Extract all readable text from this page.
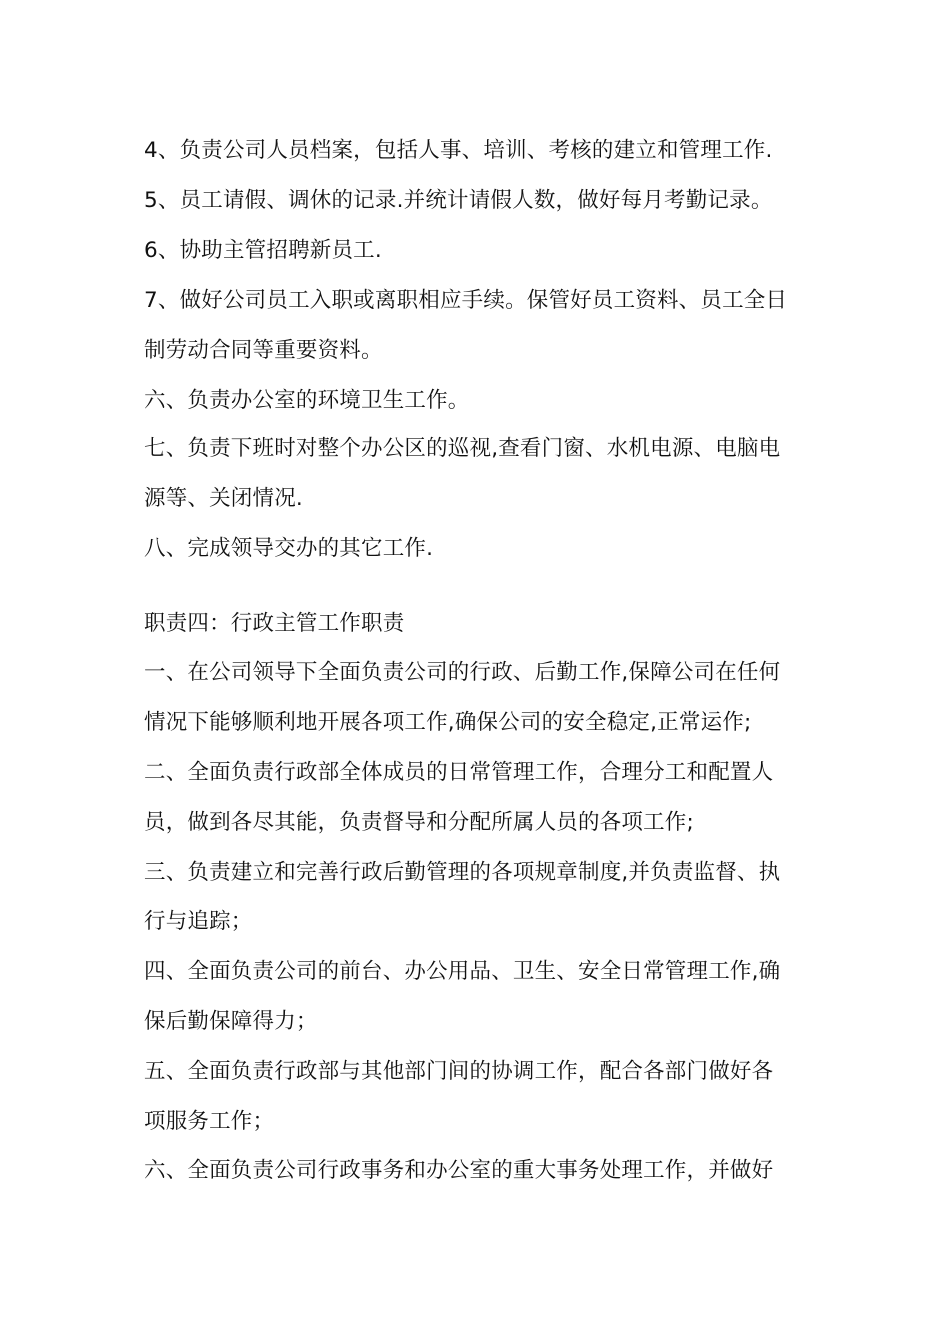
4、负责公司人员档案，包括人事、培训、考核的建立和管理工作.
5、员工请假、调休的记录.并统计请假人数，做好每月考勤记录。
6、协助主管招聘新员工.
7、做好公司员工入职或离职相应手续。保管好员工资料、员工全日
制劳动合同等重要资料。
六、负责办公室的环境卫生工作。
七、负责下班时对整个办公区的巡视,查看门窗、水机电源、电脑电
源等、关闭情况.
八、完成领导交办的其它工作.
职责四：行政主管工作职责
一、在公司领导下全面负责公司的行政、后勤工作,保障公司在任何
情况下能够顺利地开展各项工作,确保公司的安全稳定,正常运作;
二、全面负责行政部全体成员的日常管理工作，合理分工和配置人
员，做到各尽其能，负责督导和分配所属人员的各项工作;
三、负责建立和完善行政后勤管理的各项规章制度,并负责监督、执
行与追踪；
四、全面负责公司的前台、办公用品、卫生、安全日常管理工作,确
保后勤保障得力；
五、全面负责行政部与其他部门间的协调工作，配合各部门做好各
项服务工作；
六、全面负责公司行政事务和办公室的重大事务处理工作，并做好
